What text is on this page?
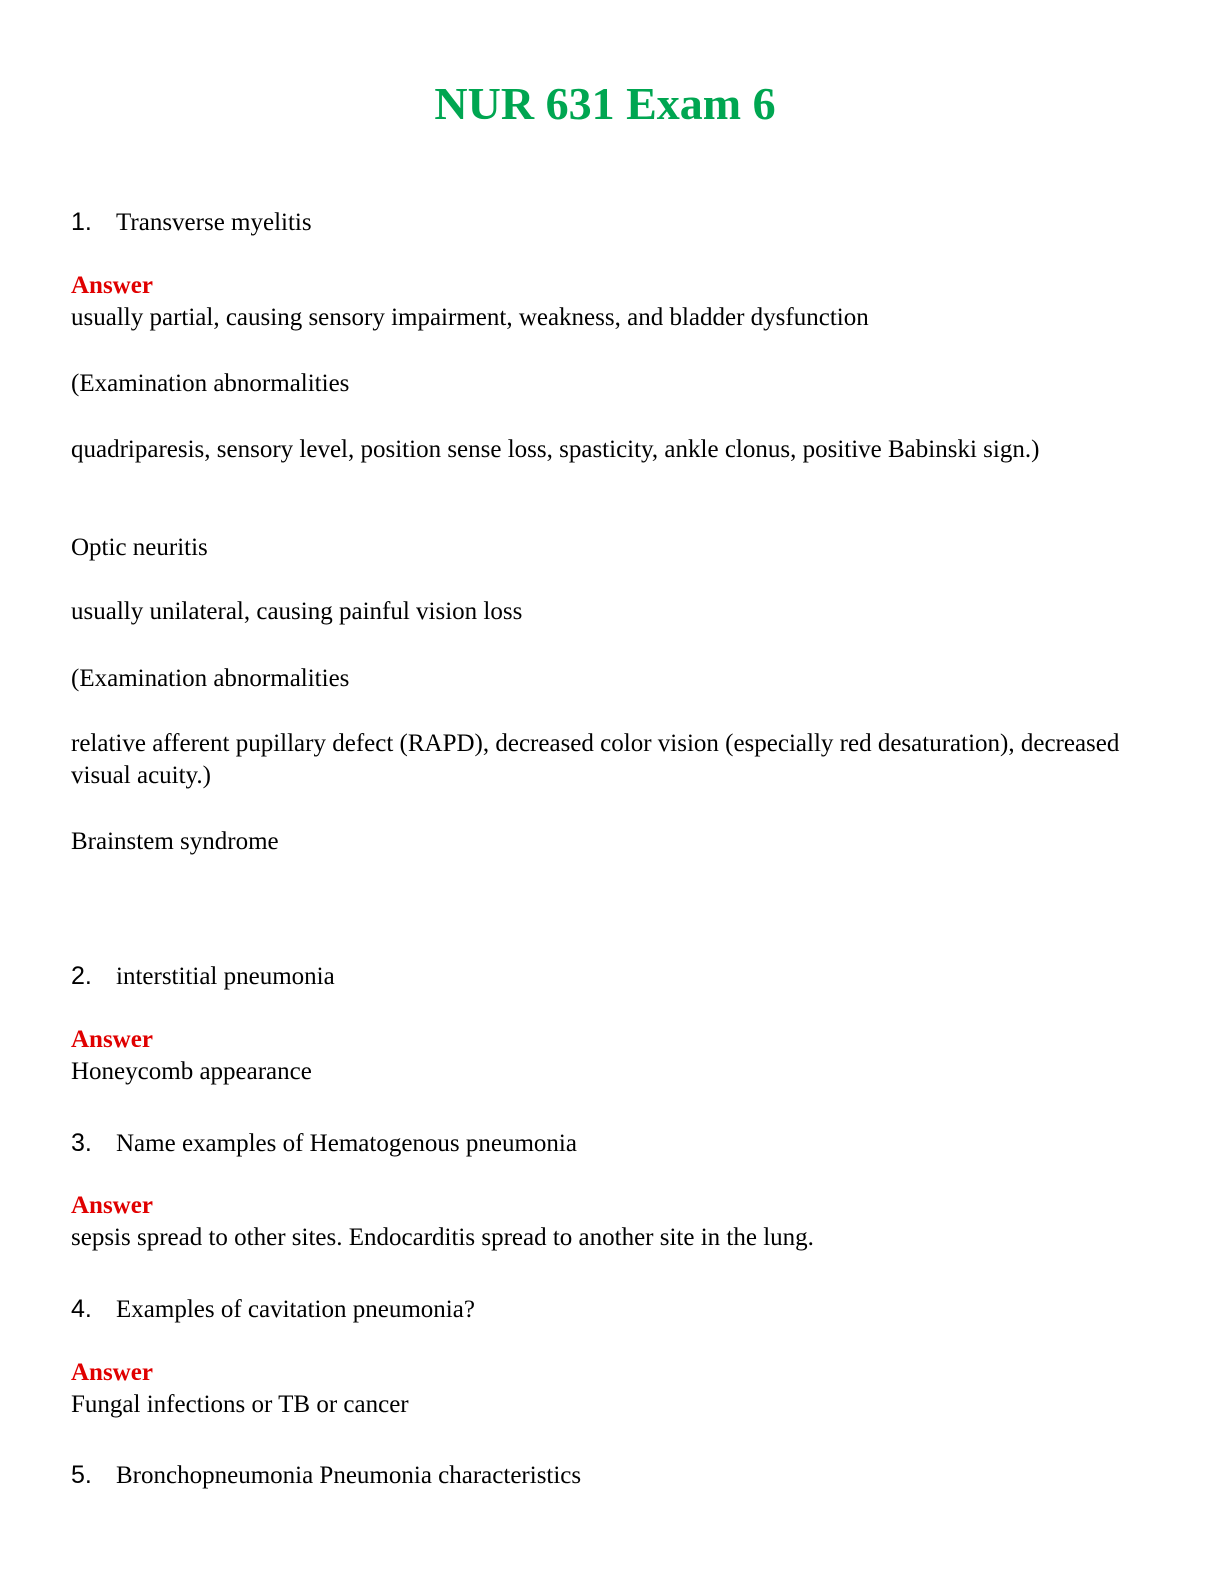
NUR 631 Exam 6
1. Transverse myelitis
Answer
usually partial, causing sensory impairment, weakness, and bladder dysfunction
(Examination abnormalities
quadriparesis, sensory level, position sense loss, spasticity, ankle clonus, positive Babinski sign.)
Optic neuritis
usually unilateral, causing painful vision loss
(Examination abnormalities
relative afferent pupillary defect (RAPD), decreased color vision (especially red desaturation), decreased visual acuity.)
Brainstem syndrome
2. interstitial pneumonia
Answer
Honeycomb appearance
3. Name examples of Hematogenous pneumonia
Answer
sepsis spread to other sites. Endocarditis spread to another site in the lung.
4. Examples of cavitation pneumonia?
Answer
Fungal infections or TB or cancer
5. Bronchopneumonia Pneumonia characteristics
